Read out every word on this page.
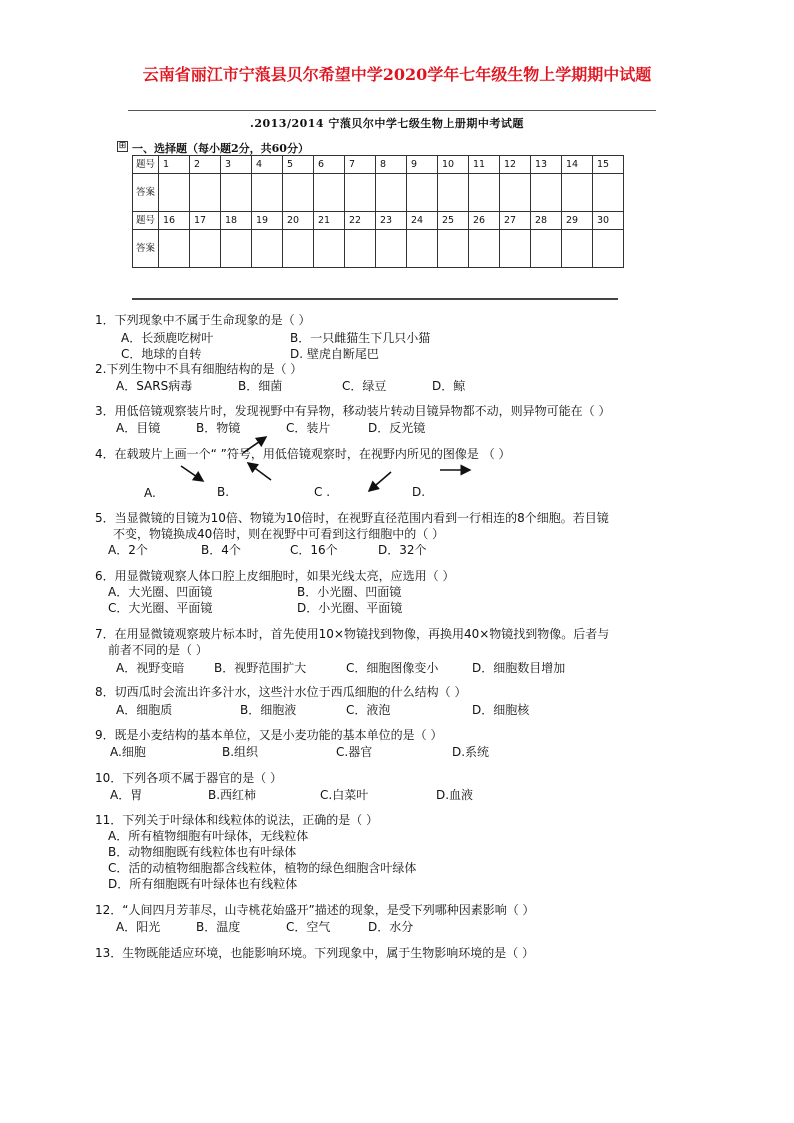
云南省丽江市宁蒗县贝尔希望中学2020学年七年级生物上学期期中试题
.2013/2014 宁蒗贝尔中学七级生物上册期中考试题
⊞ 一、选择题（每小题2分，共60分）
题号	1	2	3	4	5	6	7	8	9	10	11	12	13	14	15
答案															
题号	16	17	18	19	20	21	22	23	24	25	26	27	28	29	30
答案															
1．下列现象中不属于生命现象的是（ ）
A．长颈鹿吃树叶	B．一只雌猫生下几只小猫
C．地球的自转	D. 壁虎自断尾巴
2.下列生物中不具有细胞结构的是（ ）
A．SARS病毒	B．细菌	C．绿豆	D．鲸
3．用低倍镜观察装片时，发现视野中有异物，移动装片转动目镜异物都不动，则异物可能在（ ）
A．目镜	B．物镜	C．装片	D．反光镜
4．在载玻片上画一个“ ”符号，用低倍镜观察时，在视野内所见的图像是 （ ）
A.	B.	C .	D.
5．当显微镜的目镜为10倍、物镜为10倍时，在视野直径范围内看到一行相连的8个细胞。若目镜
不变，物镜换成40倍时，则在视野中可看到这行细胞中的（ ）
A．2个	B．4个	C．16个	D．32个
6．用显微镜观察人体口腔上皮细胞时，如果光线太亮，应选用（ ）
A．大光圈、凹面镜	B．小光圈、凹面镜
C．大光圈、平面镜	D．小光圈、平面镜
7．在用显微镜观察玻片标本时，首先使用10×物镜找到物像，再换用40×物镜找到物像。后者与
前者不同的是（ ）
A．视野变暗 B．视野范围扩大	C．细胞图像变小	D．细胞数目增加
8．切西瓜时会流出许多汁水，这些汁水位于西瓜细胞的什么结构（ ）
A．细胞质	B．细胞液	C．液泡	D．细胞核
9．既是小麦结构的基本单位，又是小麦功能的基本单位的是（ ）
A.细胞	B.组织	C.器官	D.系统
10．下列各项不属于器官的是（ ）
A．胃	B.西红柿	C.白菜叶	D.血液
11．下列关于叶绿体和线粒体的说法，正确的是（ ）
A．所有植物细胞有叶绿体，无线粒体
B．动物细胞既有线粒体也有叶绿体
C．活的动植物细胞都含线粒体，植物的绿色细胞含叶绿体
D．所有细胞既有叶绿体也有线粒体
12．“人间四月芳菲尽，山寺桃花始盛开”描述的现象，是受下列哪种因素影响（ ）
A．阳光	B．温度	C．空气	D．水分
13．生物既能适应环境，也能影响环境。下列现象中，属于生物影响环境的是（ ）
